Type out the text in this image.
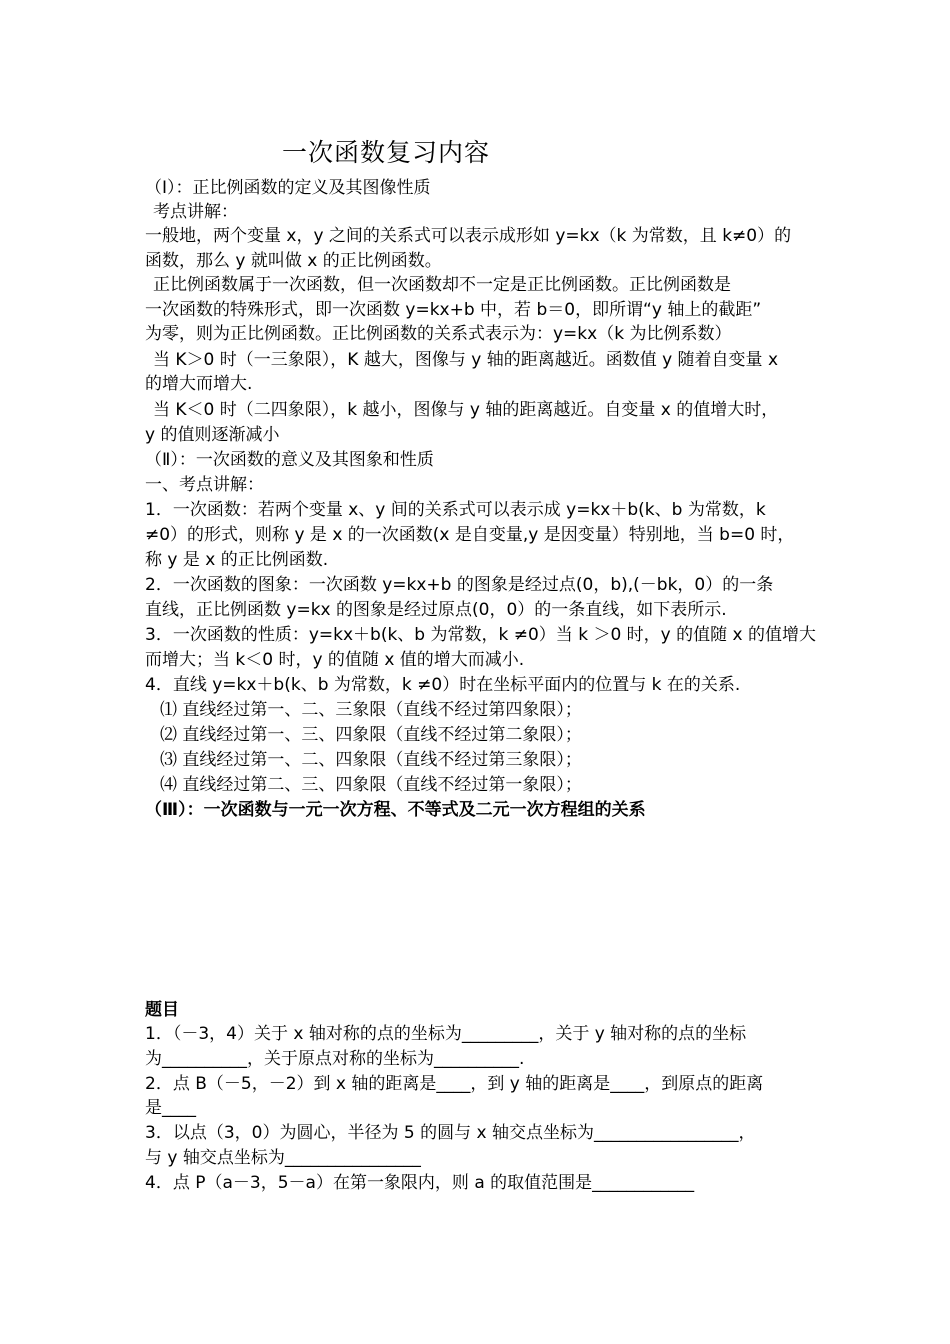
一次函数复习内容
（Ⅰ）：正比例函数的定义及其图像性质
考点讲解：
一般地，两个变量 x，y 之间的关系式可以表示成形如 y=kx（k 为常数，且 k≠0）的
函数，那么 y 就叫做 x 的正比例函数。
正比例函数属于一次函数，但一次函数却不一定是正比例函数。正比例函数是
一次函数的特殊形式，即一次函数 y=kx+b 中，若 b＝0，即所谓“y 轴上的截距”
为零，则为正比例函数。正比例函数的关系式表示为：y=kx（k 为比例系数）
当 K＞0 时（一三象限），K 越大，图像与 y 轴的距离越近。函数值 y 随着自变量 x
的增大而增大.
当 K＜0 时（二四象限），k 越小，图像与 y 轴的距离越近。自变量 x 的值增大时，
y 的值则逐渐减小
（Ⅱ）：一次函数的意义及其图象和性质
一、考点讲解：
1．一次函数：若两个变量 x、y 间的关系式可以表示成 y=kx＋b(k、b 为常数，k
≠0）的形式，则称 y 是 x 的一次函数(x 是自变量,y 是因变量）特别地，当 b=0 时，
称 y 是 x 的正比例函数.
2．一次函数的图象：一次函数 y=kx+b 的图象是经过点(0，b),(－bk，0）的一条
直线，正比例函数 y=kx 的图象是经过原点(0，0）的一条直线，如下表所示.
3．一次函数的性质：y=kx＋b(k、b 为常数，k ≠0）当 k ＞0 时，y 的值随 x 的值增大
而增大；当 k＜0 时，y 的值随 x 值的增大而减小.
4．直线 y=kx＋b(k、b 为常数，k ≠0）时在坐标平面内的位置与 k 在的关系.
⑴ 直线经过第一、二、三象限（直线不经过第四象限）；
⑵ 直线经过第一、三、四象限（直线不经过第二象限）；
⑶ 直线经过第一、二、四象限（直线不经过第三象限）；
⑷ 直线经过第二、三、四象限（直线不经过第一象限）；
（Ⅲ）：一次函数与一元一次方程、不等式及二元一次方程组的关系
题目
1．（－3，4）关于 x 轴对称的点的坐标为_________，关于 y 轴对称的点的坐标
为__________，关于原点对称的坐标为__________.
2．点 B（－5，－2）到 x 轴的距离是____，到 y 轴的距离是____，到原点的距离
是____
3．以点（3，0）为圆心，半径为 5 的圆与 x 轴交点坐标为_________________，
与 y 轴交点坐标为________________
4．点 P（a－3，5－a）在第一象限内，则 a 的取值范围是____________
